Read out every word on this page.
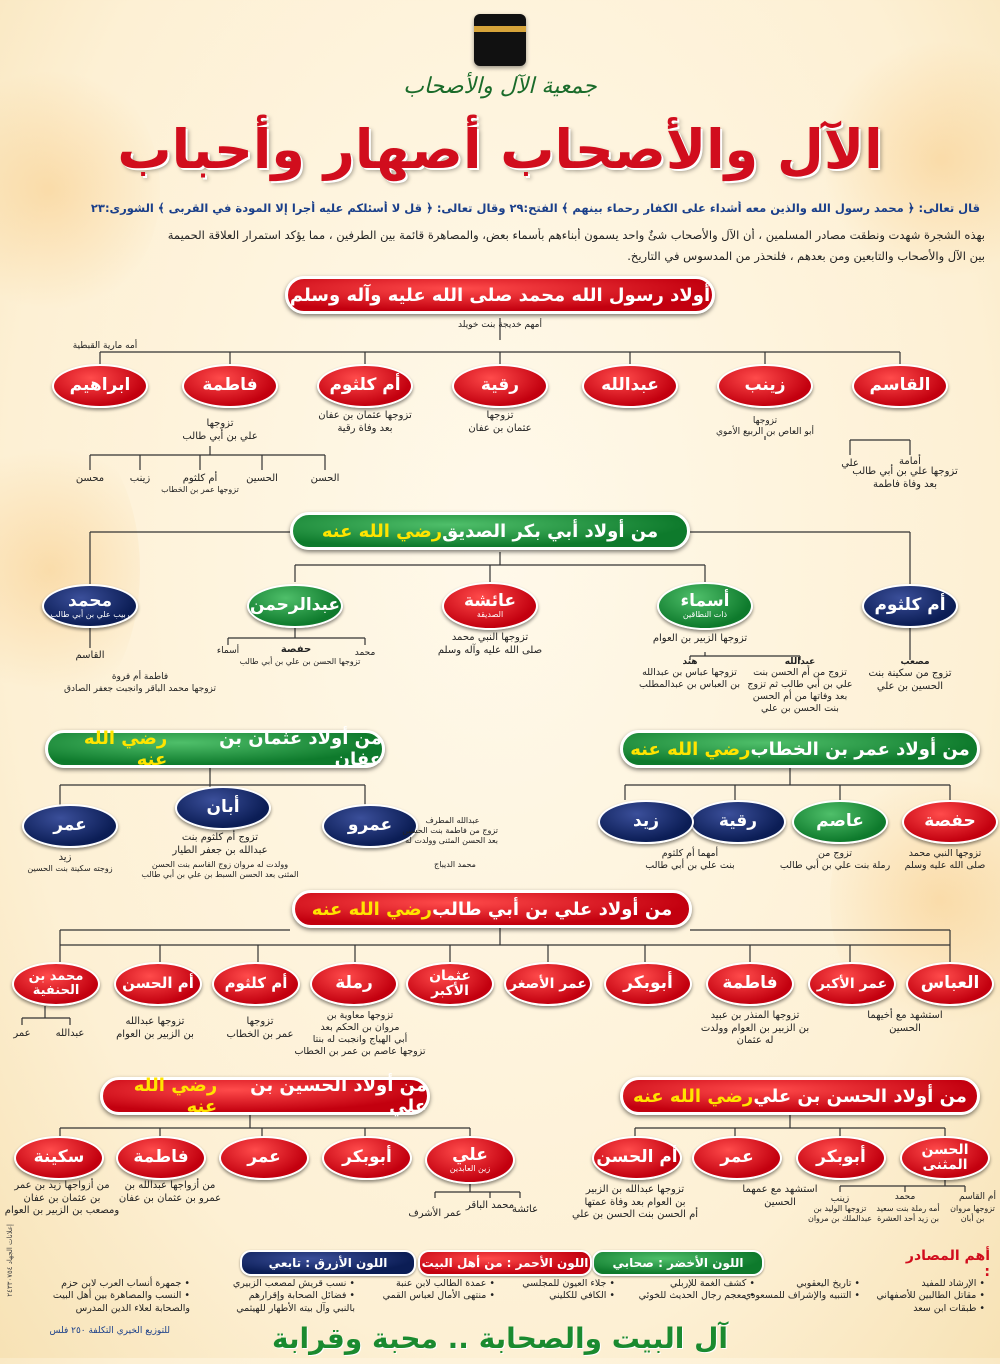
جمعية الآل والأصحاب
الآل والأصحاب أصهار وأحباب
قال تعالى: ﴿ محمد رسول الله والذين معه أشداء على الكفار رحماء بينهم ﴾ الفتح:٢٩ وقال تعالى: ﴿ قل لا أسئلكم عليه أجرا إلا المودة في القربى ﴾ الشورى:٢٣
بهذه الشجرة شهدت ونطقت مصادر المسلمين ، أن الآل والأصحاب شئٌ واحد يسمون أبناءهم بأسماء بعض، والمصاهرة قائمة بين الطرفين ، مما يؤكد استمرار العلاقة الحميمة
بين الآل والأصحاب والتابعين ومن بعدهم ، فلنحذر من المدسوس في التاريخ.
أولاد رسول الله محمد صلى الله عليه وآله وسلم
أمهم خديجة بنت خويلد
أمه مارية القبطية
القاسم
زينب
عبدالله
رقية
أم كلثوم
فاطمة
ابراهيم
تزوجها
أبو العاص بن الربيع الأموي
تزوجها
عثمان بن عفان
تزوجها عثمان بن عفان
بعد وفاة رقية
تزوجها
علي بن أبي طالب
علي	أمامة
تزوجها علي بن أبي طالب
بعد وفاة فاطمة
الحسن
الحسين
أم كلثوم
تزوجها عمر بن الخطاب
زينب
محسن
من أولاد أبي بكر الصديق
رضي الله عنه
أم كلثوم
أسماء
ذات النطاقين
عائشة
الصديقة
عبدالرحمن
محمد
ربيب علي بن أبي طالب
تزوجها الزبير بن العوام
تزوجها النبي محمد
صلى الله عليه وآله وسلم
مصعب
تزوج من سكينة بنت
الحسين بن علي
عبدالله
تزوج من أم الحسن بنت
علي بن أبي طالب ثم تزوج
بعد وفاتها من أم الحسن
بنت الحسن بن علي
هند
تزوجها عباس بن عبدالله
بن العباس بن عبدالمطلب
محمد
حفصة
تزوجها الحسن بن علي بن أبي طالب
أسماء
القاسم
فاطمة أم فروة
تزوجها محمد الباقر وانجبت جعفر الصادق
من أولاد عمر بن الخطاب
رضي الله عنه
حفصة
عاصم
رقية
زيد
تزوجها النبي محمد
صلى الله عليه وسلم
تزوج من
رملة بنت علي بن أبي طالب
أمهما أم كلثوم
بنت علي بن أبي طالب
من أولاد عثمان بن عفان
رضي الله عنه
عمرو
أبان
عمر	عبدالله المطرف
تزوج من فاطمة بنت الحسين
بعد الحسن المثنى وولدت له
محمد الديباج
تزوج أم كلثوم بنت
عبدالله بن جعفر الطيار
وولدت له مروان زوج القاسم بنت الحسن
المثنى بعد الحسن السبط بن علي بن أبي طالب
زيد
زوجته سكينة بنت الحسين
من أولاد علي بن أبي طالب
رضي الله عنه
العباس
عمر الأكبر
فاطمة
أبوبكر
عمر الأصغر
عثمان الأكبر
رملة
أم كلثوم
أم الحسن
محمد بن الحنفية
استشهد مع أخيهما
الحسين
تزوجها المنذر بن عبيد
بن الزبير بن العوام وولدت
له عثمان
تزوجها معاوية بن
مروان بن الحكم بعد
أبي الهياج وانجبت له بنتا
تزوجها عاصم بن عمر بن الخطاب
تزوجها
عمر بن الخطاب
تزوجها عبدالله
بن الزبير بن العوام
عبدالله
عمر
من أولاد الحسن بن علي
رضي الله عنه
الحسن المثنى
أبوبكر
عمر
أم الحسن
استشهد مع عمهما
الحسين
تزوجها عبدالله بن الزبير
بن العوام بعد وفاة عمتها
أم الحسن بنت الحسن بن علي
أم القاسم
تزوجها مروان بن أبان
محمد
أمه رملة بنت سعيد
بن زيد أحد العشرة
زينب
تزوجها الوليد بن
عبدالملك بن مروان
من أولاد الحسين بن علي
رضي الله عنه
علي
زين العابدين
أبوبكر
عمر
فاطمة
سكينة
عائشة
محمد الباقر
عمر الأشرف
من أزواجها عبدالله بن
عمرو بن عثمان بن عفان
من أزواجها زيد بن عمر
بن عثمان بن عفان
ومصعب بن الزبير بن العوام
أهم المصادر :
اللون الأخضر : صحابي
اللون الأحمر : من أهل البيت
اللون الأزرق : تابعي
• الإرشاد للمفيد
• مقاتل الطالبين للأصفهاني
• طبقات ابن سعد
• تاريخ اليعقوبي
• التنبيه والإشراف للمسعودي
• كشف الغمة للإربلي
• معجم رجال الحديث للخوئي
• جلاء العيون للمجلسي
• الكافي للكليني
• عمدة الطالب لابن عنبة
• منتهى الأمال لعباس القمي
• نسب قريش لمصعب الزبيري
• فضائل الصحابة وإقرارهم
بالنبي وآل بيته الأطهار للهيثمي
• جمهرة أنساب العرب لابن حزم
• النسب والمصاهرة بين أهل البيت
والصحابة لعلاء الدين المدرس
للتوزيع الخيري التكلفة ٢٥٠ فلس
إعلانات الجهاد ٢٤٣٣٠٧٥٤
آل البيت والصحابة .. محبة وقرابة
